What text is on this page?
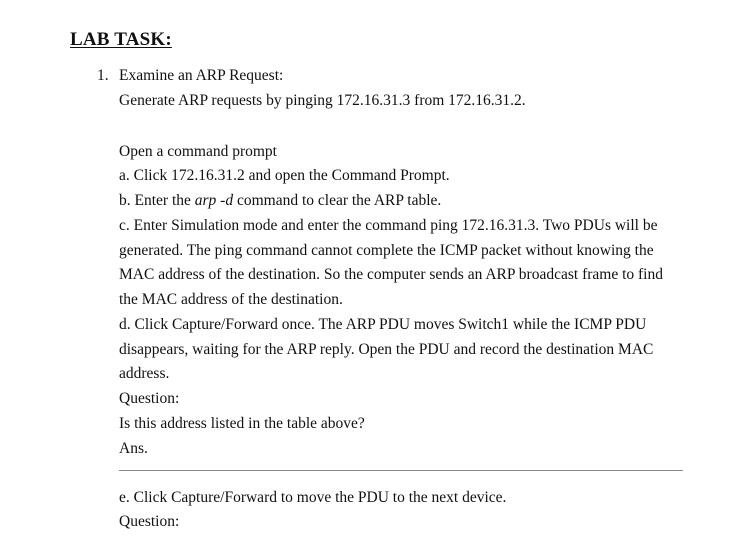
LAB TASK:
1. Examine an ARP Request:
Generate ARP requests by pinging 172.16.31.3 from 172.16.31.2.
Open a command prompt
a. Click 172.16.31.2 and open the Command Prompt.
b. Enter the arp -d command to clear the ARP table.
c. Enter Simulation mode and enter the command ping 172.16.31.3. Two PDUs will be
generated. The ping command cannot complete the ICMP packet without knowing the
MAC address of the destination. So the computer sends an ARP broadcast frame to find
the MAC address of the destination.
d. Click Capture/Forward once. The ARP PDU moves Switch1 while the ICMP PDU
disappears, waiting for the ARP reply. Open the PDU and record the destination MAC
address.
Question:
Is this address listed in the table above?
Ans.
e. Click Capture/Forward to move the PDU to the next device.
Question:
